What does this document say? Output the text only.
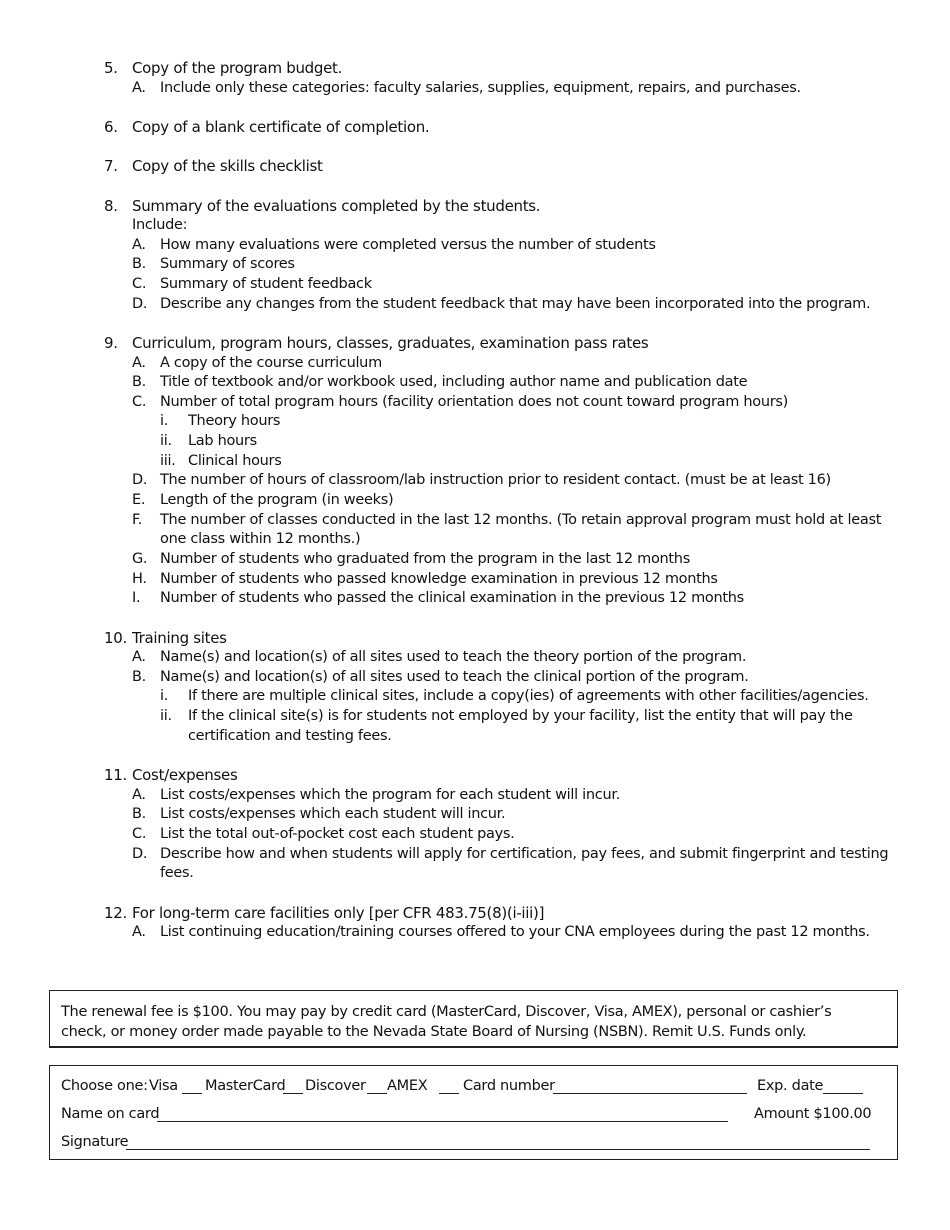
5. Copy of the program budget.
A. Include only these categories: faculty salaries, supplies, equipment, repairs, and purchases.
6. Copy of a blank certificate of completion.
7. Copy of the skills checklist
8. Summary of the evaluations completed by the students.
Include:
A. How many evaluations were completed versus the number of students
B. Summary of scores
C. Summary of student feedback
D. Describe any changes from the student feedback that may have been incorporated into the program.
9. Curriculum, program hours, classes, graduates, examination pass rates
A. A copy of the course curriculum
B. Title of textbook and/or workbook used, including author name and publication date
C. Number of total program hours (facility orientation does not count toward program hours)
i. Theory hours
ii. Lab hours
iii. Clinical hours
D. The number of hours of classroom/lab instruction prior to resident contact. (must be at least 16)
E. Length of the program (in weeks)
F. The number of classes conducted in the last 12 months. (To retain approval program must hold at least
one class within 12 months.)
G. Number of students who graduated from the program in the last 12 months
H. Number of students who passed knowledge examination in previous 12 months
I. Number of students who passed the clinical examination in the previous 12 months
10. Training sites
A. Name(s) and location(s) of all sites used to teach the theory portion of the program.
B. Name(s) and location(s) of all sites used to teach the clinical portion of the program.
i. If there are multiple clinical sites, include a copy(ies) of agreements with other facilities/agencies.
ii. If the clinical site(s) is for students not employed by your facility, list the entity that will pay the
certification and testing fees.
11. Cost/expenses
A. List costs/expenses which the program for each student will incur.
B. List costs/expenses which each student will incur.
C. List the total out-of-pocket cost each student pays.
D. Describe how and when students will apply for certification, pay fees, and submit fingerprint and testing
fees.
12. For long-term care facilities only [per CFR 483.75(8)(i-iii)]
A. List continuing education/training courses offered to your CNA employees during the past 12 months.

The renewal fee is $100. You may pay by credit card (MasterCard, Discover, Visa, AMEX), personal or cashier’s
check, or money order made payable to the Nevada State Board of Nursing (NSBN). Remit U.S. Funds only.

Choose one: Visa MasterCard Discover AMEX Card number	Exp. date
Name on card	Amount $100.00
Signature
